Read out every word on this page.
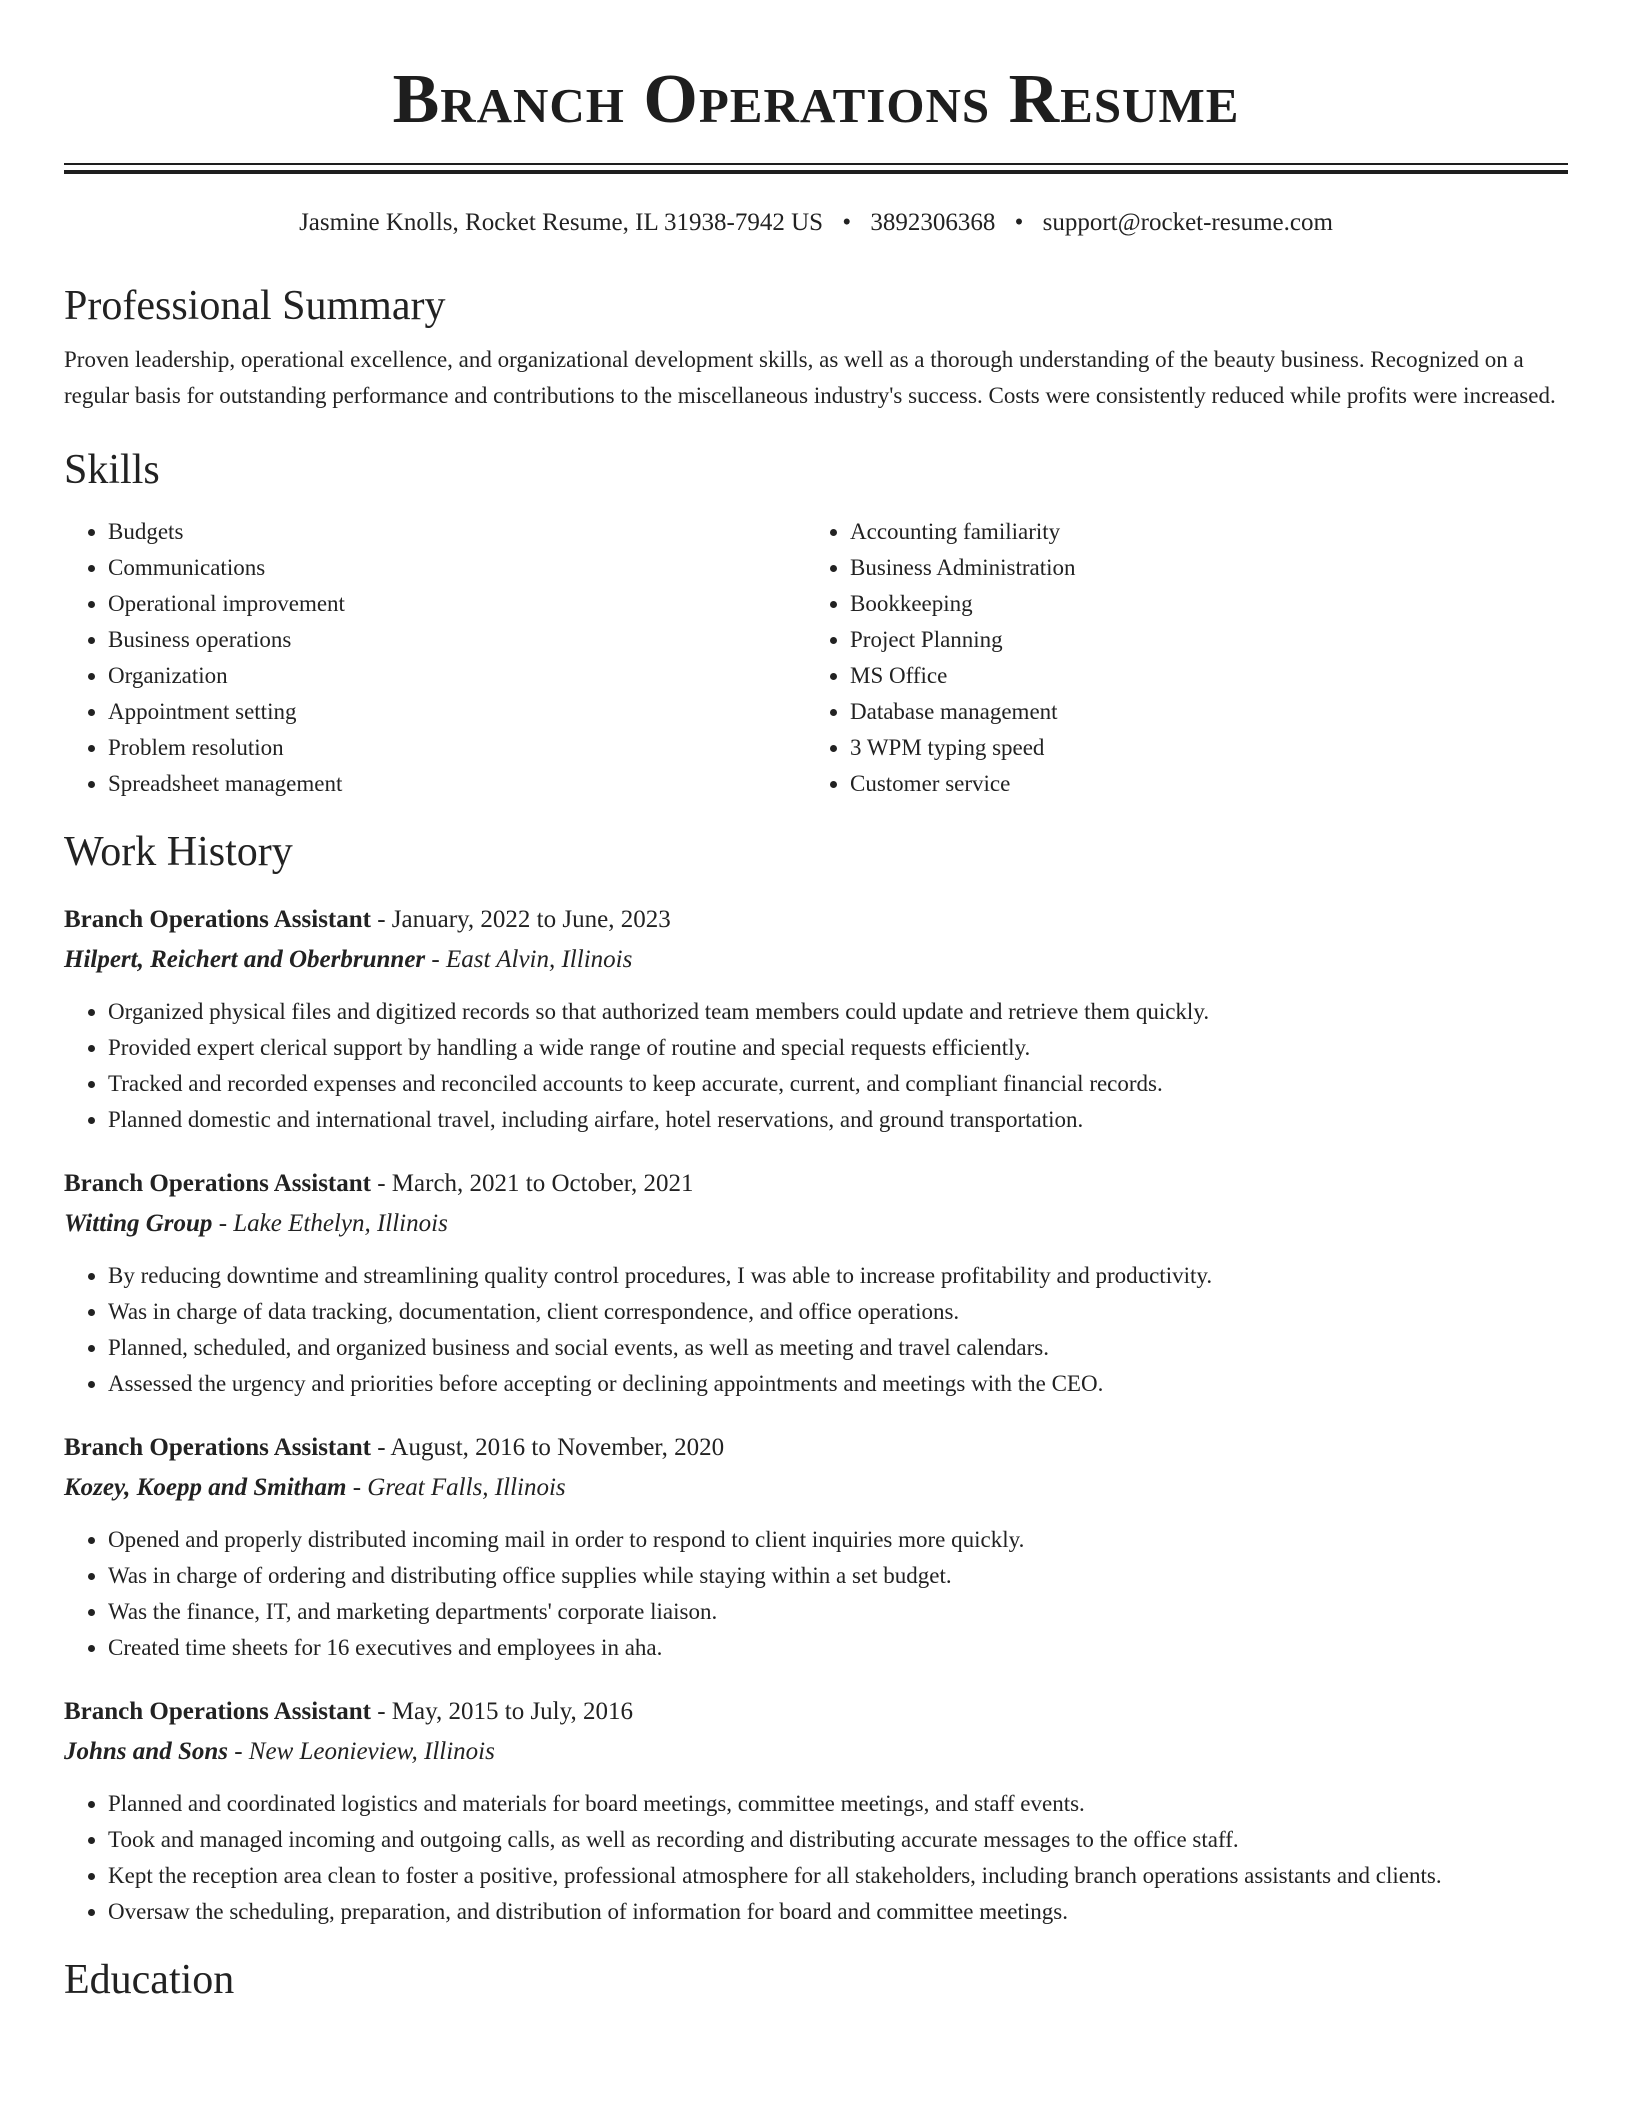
Branch Operations Resume
Jasmine Knolls, Rocket Resume, IL 31938-7942 US • 3892306368 • support@rocket-resume.com
Professional Summary

Proven leadership, operational excellence, and organizational development skills, as well as a thorough understanding of the beauty business. Recognized on a regular basis for outstanding performance and contributions to the miscellaneous industry's success. Costs were consistently reduced while profits were increased.

Skills
• Budgets
• Communications
• Operational improvement
• Business operations
• Organization
• Appointment setting
• Problem resolution
• Spreadsheet management
• Accounting familiarity
• Business Administration
• Bookkeeping
• Project Planning
• MS Office
• Database management
• 3 WPM typing speed
• Customer service
Work History
Branch Operations Assistant - January, 2022 to June, 2023
Hilpert, Reichert and Oberbrunner - East Alvin, Illinois
• Organized physical files and digitized records so that authorized team members could update and retrieve them quickly.
• Provided expert clerical support by handling a wide range of routine and special requests efficiently.
• Tracked and recorded expenses and reconciled accounts to keep accurate, current, and compliant financial records.
• Planned domestic and international travel, including airfare, hotel reservations, and ground transportation.
Branch Operations Assistant - March, 2021 to October, 2021
Witting Group - Lake Ethelyn, Illinois
• By reducing downtime and streamlining quality control procedures, I was able to increase profitability and productivity.
• Was in charge of data tracking, documentation, client correspondence, and office operations.
• Planned, scheduled, and organized business and social events, as well as meeting and travel calendars.
• Assessed the urgency and priorities before accepting or declining appointments and meetings with the CEO.
Branch Operations Assistant - August, 2016 to November, 2020
Kozey, Koepp and Smitham - Great Falls, Illinois
• Opened and properly distributed incoming mail in order to respond to client inquiries more quickly.
• Was in charge of ordering and distributing office supplies while staying within a set budget.
• Was the finance, IT, and marketing departments' corporate liaison.
• Created time sheets for 16 executives and employees in aha.
Branch Operations Assistant - May, 2015 to July, 2016
Johns and Sons - New Leonieview, Illinois
• Planned and coordinated logistics and materials for board meetings, committee meetings, and staff events.
• Took and managed incoming and outgoing calls, as well as recording and distributing accurate messages to the office staff.
• Kept the reception area clean to foster a positive, professional atmosphere for all stakeholders, including branch operations assistants and clients.
• Oversaw the scheduling, preparation, and distribution of information for board and committee meetings.
Education
